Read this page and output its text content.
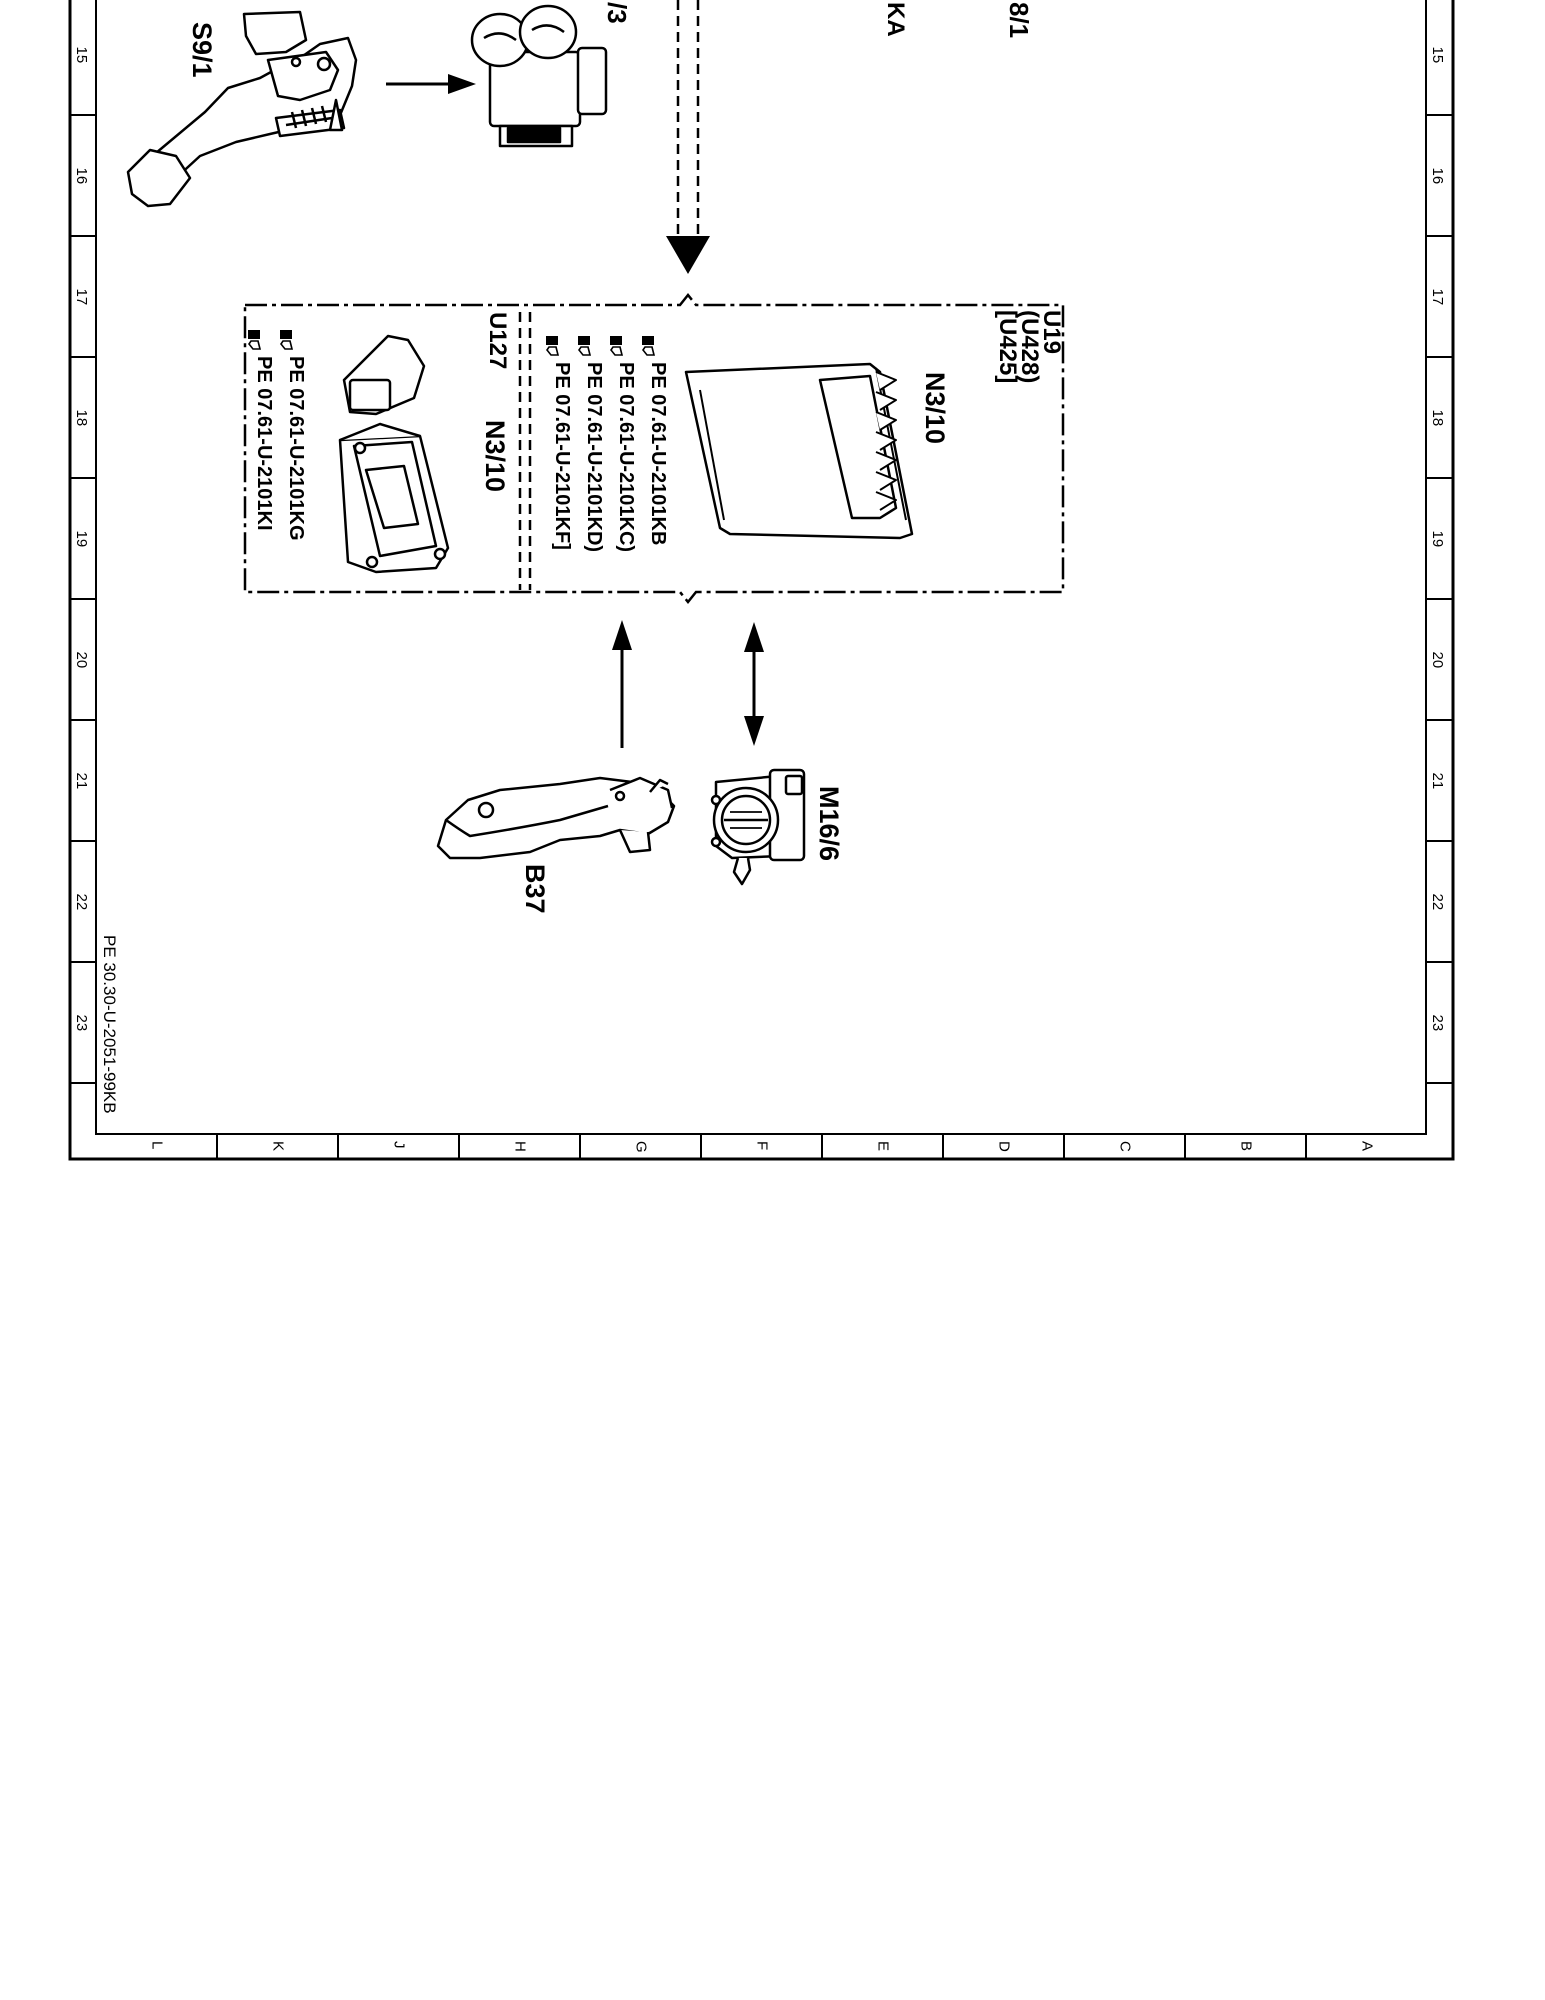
15
16
17
18
19
20
21
22
23
15
16
17
18
19
20
21
22
23
L	K	J	H	G	F	E	D	C	B	A
PE 30.30-U-2051-99KB
/3	KA	8/1
S9/1
U19
(U428)
[U425]
N3/10
PE 07.61-U-2101KB
PE 07.61-U-2101KC)
PE 07.61-U-2101KD)
PE 07.61-U-2101KF]
U127
N3/10
PE 07.61-U-2101KG
PE 07.61-U-2101KI
B37
M16/6
